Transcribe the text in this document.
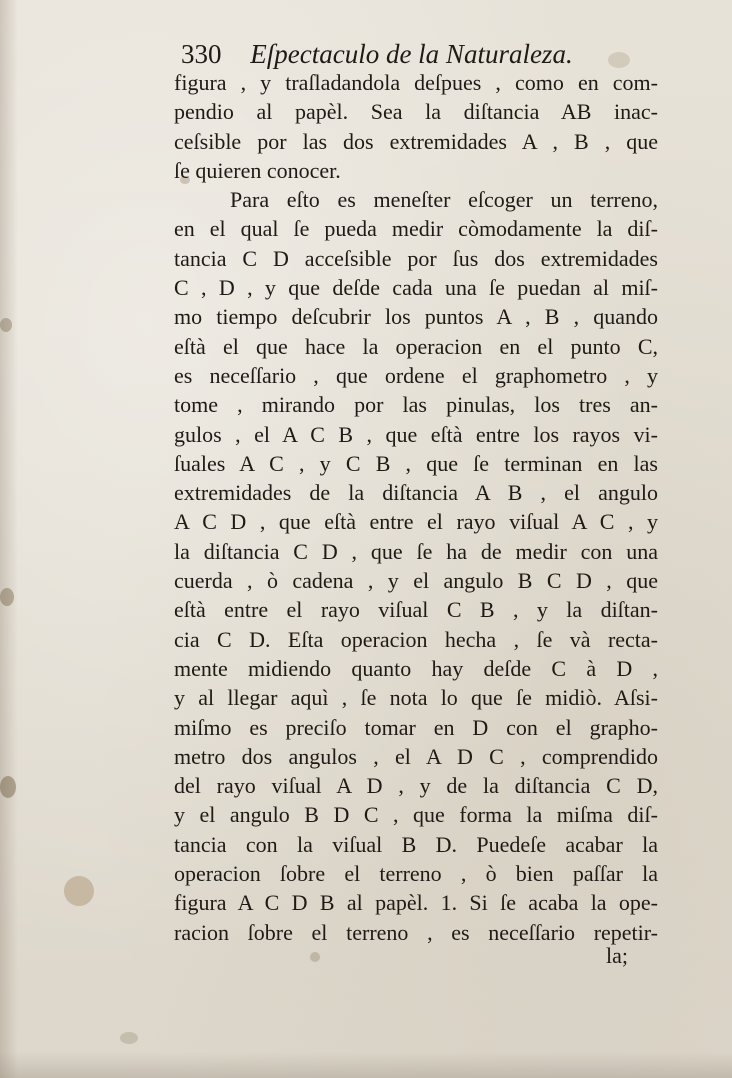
330 Eſpectaculo de la Naturaleza.
figura , y traſladandola deſpues , como en com-
pendio al papèl. Sea la diſtancia AB inac-
ceſsible por las dos extremidades A , B , que
ſe quieren conocer.
Para eſto es meneſter eſcoger un terreno,
en el qual ſe pueda medir còmodamente la diſ-
tancia C D acceſsible por ſus dos extremidades
C , D , y que deſde cada una ſe puedan al miſ-
mo tiempo deſcubrir los puntos A , B , quando
eſtà el que hace la operacion en el punto C,
es neceſſario , que ordene el graphometro , y
tome , mirando por las pinulas, los tres an-
gulos , el A C B , que eſtà entre los rayos vi-
ſuales A C , y C B , que ſe terminan en las
extremidades de la diſtancia A B , el angulo
A C D , que eſtà entre el rayo viſual A C , y
la diſtancia C D , que ſe ha de medir con una
cuerda , ò cadena , y el angulo B C D , que
eſtà entre el rayo viſual C B , y la diſtan-
cia C D. Eſta operacion hecha , ſe và recta-
mente midiendo quanto hay deſde C à D ,
y al llegar aquì , ſe nota lo que ſe midiò. Aſsi-
miſmo es preciſo tomar en D con el grapho-
metro dos angulos , el A D C , comprendido
del rayo viſual A D , y de la diſtancia C D,
y el angulo B D C , que forma la miſma diſ-
tancia con la viſual B D. Puedeſe acabar la
operacion ſobre el terreno , ò bien paſſar la
figura A C D B al papèl. 1. Si ſe acaba la ope-
racion ſobre el terreno , es neceſſario repetir-
la;
